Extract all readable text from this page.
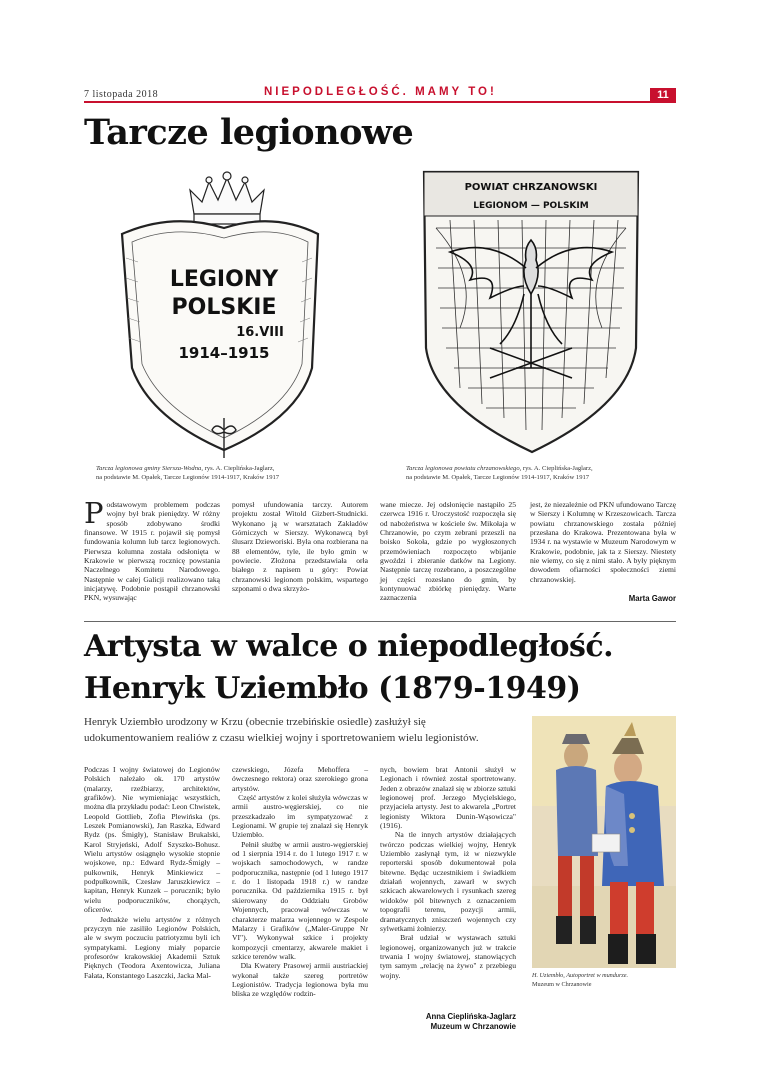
7 listopada 2018	NIEPODLEGŁOŚĆ. MAMY TO!	11
Tarcze legionowe
LEGIONY
POLSKIE
16.VIII
1914–1915
POWIAT CHRZANOWSKI
LEGIONOM — POLSKIM
Tarcza legionowa gminy Sierszа-Wodna, rys. A. Cieplińska-Jaglarz,
na podstawie M. Opałek, Tarcze Legionów 1914-1917, Kraków 1917
Tarcza legionowa powiatu chrzanowskiego, rys. A. Cieplińska-Jaglarz,
na podstawie M. Opałek, Tarcze Legionów 1914-1917, Kraków 1917
Podstawowym problemem podczas wojny był brak pieniędzy. W różny sposób zdobywano środki finansowe. W 1915 r. pojawił się pomysł fundowania kolumn lub tarcz legionowych. Pierwsza kolumna została odsłonięta w Krakowie w pierwszą rocznicę powstania Naczelnego Komitetu Narodowego. Następnie w całej Galicji realizowano taką inicjatywę. Podobnie postąpił chrzanowski PKN, wysuwając
pomysł ufundowania tarczy. Autorem projektu został Witold Gizbert-Studnicki. Wykonano ją w warsztatach Zakładów Górniczych w Sierszy. Wykonawcą był ślusarz Dzieworiski. Była ona rozbierana na 88 elementów, tyle, ile było gmin w powiecie. Złożona przedstawiała orła białego z napisem u góry: Powiat chrzanowski legionom polskim, wspartego szponami o dwa skrzyżo-
wane miecze. Jej odsłonięcie nastąpiło 25 czerwca 1916 r. Uroczystość rozpoczęła się od nabożeństwa w kościele św. Mikołaja w Chrzanowie, po czym zebrani przeszli na boisko Sokoła, gdzie po wygłoszonych przemówieniach rozpoczęto wbijanie gwoździ i zbieranie datków na Legiony. Następnie tarczę rozebrano, a poszczególne jej części rozesłano do gmin, by kontynuować zbiórkę pieniędzy. Warte zaznaczenia
jest, że niezależnie od PKN ufundowano Tarczę w Sierszy i Kolumnę w Krzeszowicach. Tarcza powiatu chrzanowskiego została później przesłana do Krakowa. Prezentowana była w 1934 r. na wystawie w Muzeum Narodowym w Krakowie, podobnie, jak ta z Sierszy. Niestety nie wiemy, co się z nimi stało. A były pięknym dowodem ofiarności społeczności ziemi chrzanowskiej.
Marta Gawor
Artysta w walce o niepodległość.
Henryk Uziembło (1879-1949)
Henryk Uziembło urodzony w Krzu (obecnie trzebińskie osiedle) zasłużył się udokumentowaniem realiów z czasu wielkiej wojny i sportretowaniem wielu legionistów.
Podczas I wojny światowej do Legionów Polskich należało ok. 170 artystów (malarzy, rzeźbiarzy, architektów, grafików). Nie wymieniając wszystkich, można dla przykładu podać: Leon Chwistek, Leopold Gottlieb, Zofia Plewińska (ps. Leszek Pomianowski), Jan Raszka, Edward Rydz (ps. Śmigły), Stanisław Brukalski, Karol Stryjeński, Adolf Szyszko-Bohusz. Wielu artystów osiągnęło wysokie stopnie wojskowe, np.: Edward Rydz-Śmigły – pułkownik, Henryk Minkiewicz – podpułkownik, Czesław Jaruszkiewicz – kapitan, Henryk Kunzek – porucznik; było wielu podporuczników, chorążych, oficerów.
Jednakże wielu artystów z różnych przyczyn nie zasiliło Legionów Polskich, ale w swym poczuciu patriotyzmu byli ich sympatykami. Legiony miały poparcie profesorów krakowskiej Akademii Sztuk Pięknych (Teodora Axentowicza, Juliana Fałata, Konstantego Laszczki, Jacka Mal-
czewskiego, Józefa Mehoffera – ówczesnego rektora) oraz szerokiego grona artystów.
Część artystów z kolei służyła wówczas w armii austro-węgierskiej, co nie przeszkadzało im sympatyzować z Legionami. W grupie tej znalazł się Henryk Uziembło.
Pełnił służbę w armii austro-węgierskiej od 1 sierpnia 1914 r. do 1 lutego 1917 r. w wojskach samochodowych, w randze podporucznika, następnie (od 1 lutego 1917 r. do 1 listopada 1918 r.) w randze porucznika. Od października 1915 r. był skierowany do Oddziału Grobów Wojennych, pracował wówczas w charakterze malarza wojennego w Zespole Malarzy i Grafików („Maler-Gruppe Nr VI"). Wykonywał szkice i projekty kompozycji cmentarzy, akwarele makiet i szkice terenów walk.
Dla Kwatery Prasowej armii austriackiej wykonał także szereg portretów Legionistów. Tradycja legionowa była mu bliska ze względów rodzin-
nych, bowiem brat Antonii służył w Legionach i również został sportretowany. Jeden z obrazów znalazł się w zbiorze sztuki legionowej prof. Jerzego Myçielskiego, przyjaciela artysty. Jest to akwarela „Portret legionisty Wiktora Dunin-Wąsowicza" (1916).
Na tle innych artystów działających twórczo podczas wielkiej wojny, Henryk Uziembło zasłynął tym, iż w niezwykle reporterski sposób dokumentował pola bitewne. Będąc uczestnikiem i świadkiem działań wojennych, zawarł w swych szkicach akwarelowych i rysunkach szereg widoków pól bitewnych z oznaczeniem topografii terenu, pozycji armii, dramatycznych zniszczeń wojennych czy sylwetkami żołnierzy.
Brał udział w wystawach sztuki legionowej, organizowanych już w trakcie trwania I wojny światowej, stanowiących tym samym „relację na żywo" z przebiegu wojny.
Anna Cieplińska-Jaglarz
Muzeum w Chrzanowie
H. Uziembło, Autoportret w mundurze.
Muzeum w Chrzanowie
